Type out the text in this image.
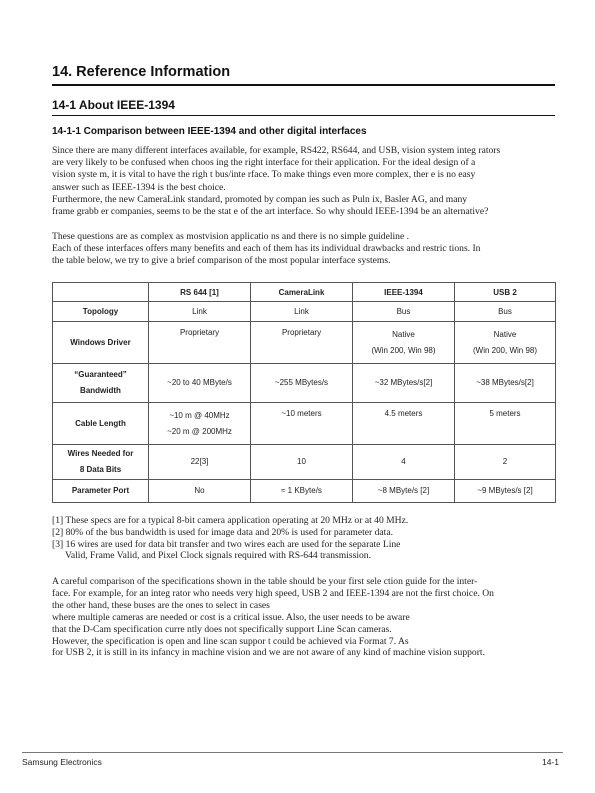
14. Reference Information
14-1 About IEEE-1394
14-1-1 Comparison between IEEE-1394 and other digital interfaces
Since there are many different interfaces available, for example, RS422, RS644, and USB, vision system integ rators
are very likely to be confused when choos ing the right interface for their application. For the ideal design of a
vision syste m, it is vital to have the righ t bus/inte rface. To make things even more complex, ther e is no easy
answer such as IEEE-1394 is the best choice.
Furthermore, the new CameraLink standard, promoted by compan ies such as Puln ix, Basler AG, and many
frame grabb er companies, seems to be the stat e of the art interface. So why should IEEE-1394 be an alternative?
These questions are as complex as mostvision applicatio ns and there is no simple guideline .
Each of these interfaces offers many benefits and each of them has its individual drawbacks and restric tions. In
the table below, we try to give a brief comparison of the most popular interface systems.
	RS 644 [1]	CameraLink	IEEE-1394	USB 2

Topology	Link	Link	Bus	Bus

Windows Driver	Proprietary	Proprietary	Native
(Win 200, Win 98)	Native
(Win 200, Win 98)

“Guaranteed”
Bandwidth	~20 to 40 MByte/s	~255 MBytes/s	~32 MBytes/s[2]	~38 MBytes/s[2]

Cable Length	~10 m @ 40MHz
~20 m @ 200MHz	~10 meters	4.5 meters	5 meters

Wires Needed for
8 Data Bits	22[3]	10	4	2

Parameter Port	No	≈ 1 KByte/s	~8 MByte/s [2]	~9 MBytes/s [2]
[1] These specs are for a typical 8-bit camera application operating at 20 MHz or at 40 MHz.
[2] 80% of the bus bandwidth is used for image data and 20% is used for parameter data.
[3] 16 wires are used for data bit transfer and two wires each are used for the separate Line
Valid, Frame Valid, and Pixel Clock signals required with RS-644 transmission.
A careful comparison of the specifications shown in the table should be your first sele ction guide for the inter-
face. For example, for an integ rator who needs very high speed, USB 2 and IEEE-1394 are not the first choice. On
the other hand, these buses are the ones to select in cases
where multiple cameras are needed or cost is a critical issue. Also, the user needs to be aware
that the D-Cam specification curre ntly does not specifically support Line Scan cameras.
However, the specification is open and line scan suppor t could be achieved via Format 7. As
for USB 2, it is still in its infancy in machine vision and we are not aware of any kind of machine vision support.
Samsung Electronics	14-1
